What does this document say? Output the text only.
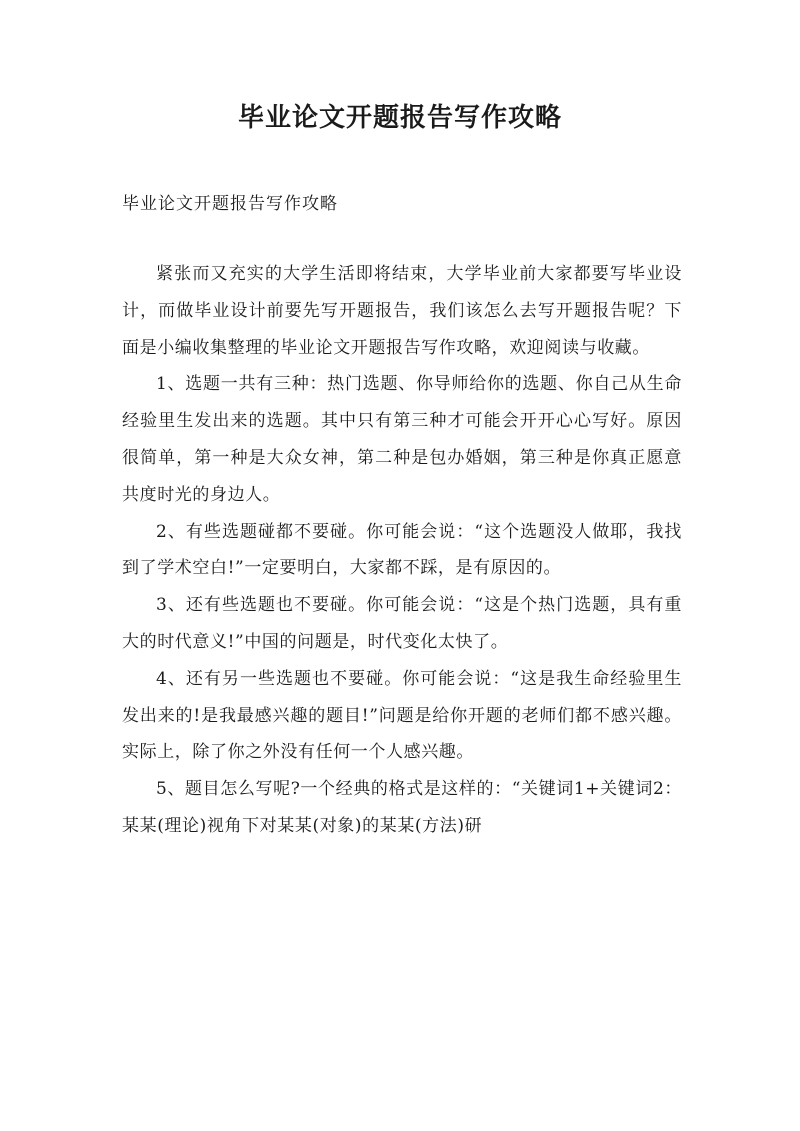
毕业论文开题报告写作攻略
毕业论文开题报告写作攻略

紧张而又充实的大学生活即将结束，大学毕业前大家都要写毕业设计，而做毕业设计前要先写开题报告，我们该怎么去写开题报告呢？下面是小编收集整理的毕业论文开题报告写作攻略，欢迎阅读与收藏。

1、选题一共有三种：热门选题、你导师给你的选题、你自己从生命经验里生发出来的选题。其中只有第三种才可能会开开心心写好。原因很简单，第一种是大众女神，第二种是包办婚姻，第三种是你真正愿意共度时光的身边人。

2、有些选题碰都不要碰。你可能会说：“这个选题没人做耶，我找到了学术空白!”一定要明白，大家都不踩，是有原因的。

3、还有些选题也不要碰。你可能会说：“这是个热门选题，具有重大的时代意义!”中国的问题是，时代变化太快了。

4、还有另一些选题也不要碰。你可能会说：“这是我生命经验里生发出来的!是我最感兴趣的题目!”问题是给你开题的老师们都不感兴趣。实际上，除了你之外没有任何一个人感兴趣。

5、题目怎么写呢?一个经典的格式是这样的：“关键词1+关键词2：某某(理论)视角下对某某(对象)的某某(方法)研
